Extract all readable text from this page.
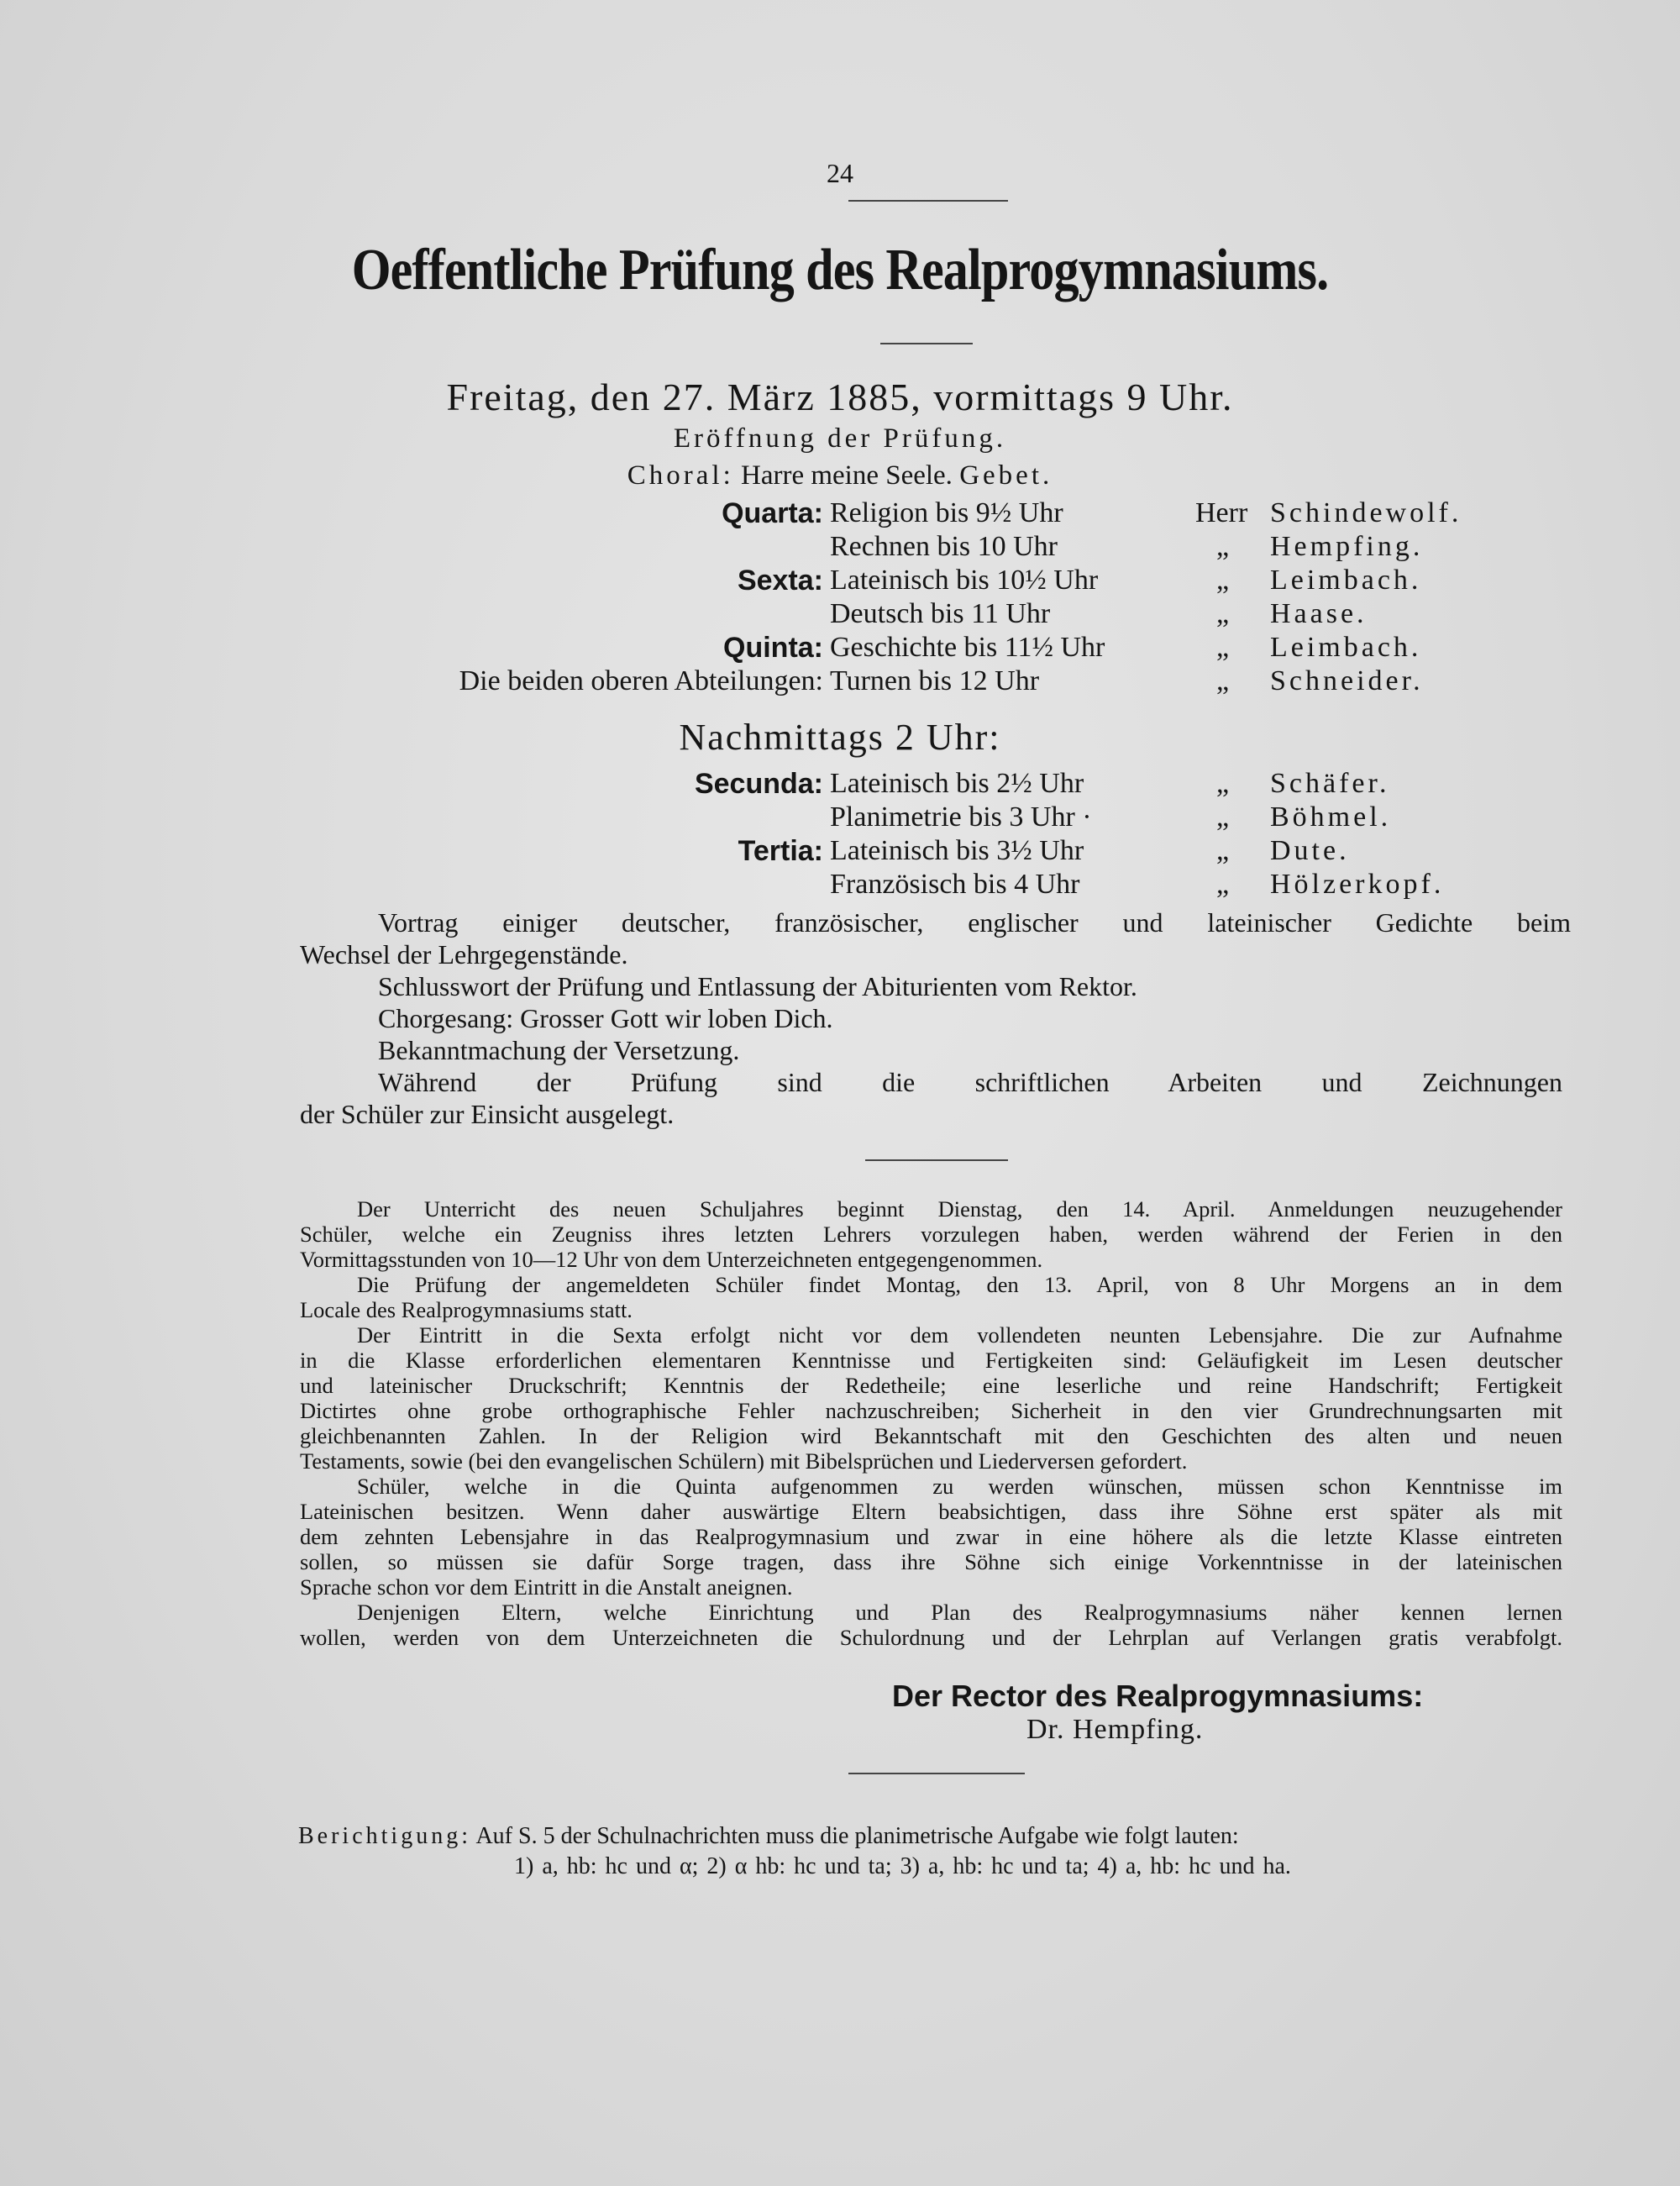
24
Oeffentliche Prüfung des Realprogymnasiums.
Freitag, den 27. März 1885, vormittags 9 Uhr.
Eröffnung der Prüfung.
Choral: Harre meine Seele. Gebet.
Quarta: Religion bis 9½ Uhr	Herr Schindewolf.
Rechnen bis 10 Uhr	„ Hempfing.
Sexta: Lateinisch bis 10½ Uhr	„ Leimbach.
Deutsch bis 11 Uhr	„ Haase.
Quinta: Geschichte bis 11½ Uhr	„ Leimbach.
Die beiden oberen Abteilungen: Turnen bis 12 Uhr	„ Schneider.
Nachmittags 2 Uhr:
Secunda: Lateinisch bis 2½ Uhr	„ Schäfer.
Planimetrie bis 3 Uhr ·	„ Böhmel.
Tertia: Lateinisch bis 3½ Uhr	„ Dute.
Französisch bis 4 Uhr	„ Hölzerkopf.
Vortrag einiger deutscher, französischer, englischer und lateinischer Gedichte beim
Wechsel der Lehrgegenstände.
Schlusswort der Prüfung und Entlassung der Abiturienten vom Rektor.
Chorgesang: Grosser Gott wir loben Dich.
Bekanntmachung der Versetzung.
Während der Prüfung sind die schriftlichen Arbeiten und Zeichnungen
der Schüler zur Einsicht ausgelegt.
Der Unterricht des neuen Schuljahres beginnt Dienstag, den 14. April. Anmeldungen neuzugehender
Schüler, welche ein Zeugniss ihres letzten Lehrers vorzulegen haben, werden während der Ferien in den
Vormittagsstunden von 10—12 Uhr von dem Unterzeichneten entgegengenommen.
Die Prüfung der angemeldeten Schüler findet Montag, den 13. April, von 8 Uhr Morgens an in dem
Locale des Realprogymnasiums statt.
Der Eintritt in die Sexta erfolgt nicht vor dem vollendeten neunten Lebensjahre. Die zur Aufnahme
in die Klasse erforderlichen elementaren Kenntnisse und Fertigkeiten sind: Geläufigkeit im Lesen deutscher
und lateinischer Druckschrift; Kenntnis der Redetheile; eine leserliche und reine Handschrift; Fertigkeit
Dictirtes ohne grobe orthographische Fehler nachzuschreiben; Sicherheit in den vier Grundrechnungsarten mit
gleichbenannten Zahlen. In der Religion wird Bekanntschaft mit den Geschichten des alten und neuen
Testaments, sowie (bei den evangelischen Schülern) mit Bibelsprüchen und Liederversen gefordert.
Schüler, welche in die Quinta aufgenommen zu werden wünschen, müssen schon Kenntnisse im
Lateinischen besitzen. Wenn daher auswärtige Eltern beabsichtigen, dass ihre Söhne erst später als mit
dem zehnten Lebensjahre in das Realprogymnasium und zwar in eine höhere als die letzte Klasse eintreten
sollen, so müssen sie dafür Sorge tragen, dass ihre Söhne sich einige Vorkenntnisse in der lateinischen
Sprache schon vor dem Eintritt in die Anstalt aneignen.
Denjenigen Eltern, welche Einrichtung und Plan des Realprogymnasiums näher kennen lernen
wollen, werden von dem Unterzeichneten die Schulordnung und der Lehrplan auf Verlangen gratis verabfolgt.
Der Rector des Realprogymnasiums:
Dr. Hempfing.
Berichtigung: Auf S. 5 der Schulnachrichten muss die planimetrische Aufgabe wie folgt lauten:
1) a, hb: hc und α; 2) α hb: hc und ta; 3) a, hb: hc und ta; 4) a, hb: hc und ha.
